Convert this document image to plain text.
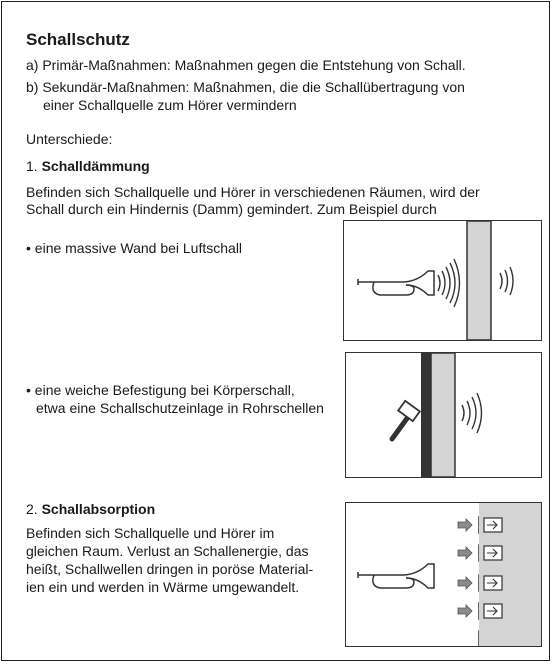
Schallschutz
a) Primär-Maßnahmen: Maßnahmen gegen die Entstehung von Schall.
b) Sekundär-Maßnahmen: Maßnahmen, die die Schallübertragung von
einer Schallquelle zum Hörer vermindern
Unterschiede:
1. Schalldämmung
Befinden sich Schallquelle und Hörer in verschiedenen Räumen, wird der
Schall durch ein Hindernis (Damm) gemindert. Zum Beispiel durch
• eine massive Wand bei Luftschall
• eine weiche Befestigung bei Körperschall,
etwa eine Schallschutzeinlage in Rohrschellen
2. Schallabsorption
Befinden sich Schallquelle und Hörer im
gleichen Raum. Verlust an Schallenergie, das
heißt, Schallwellen dringen in poröse Material-
ien ein und werden in Wärme umgewandelt.
